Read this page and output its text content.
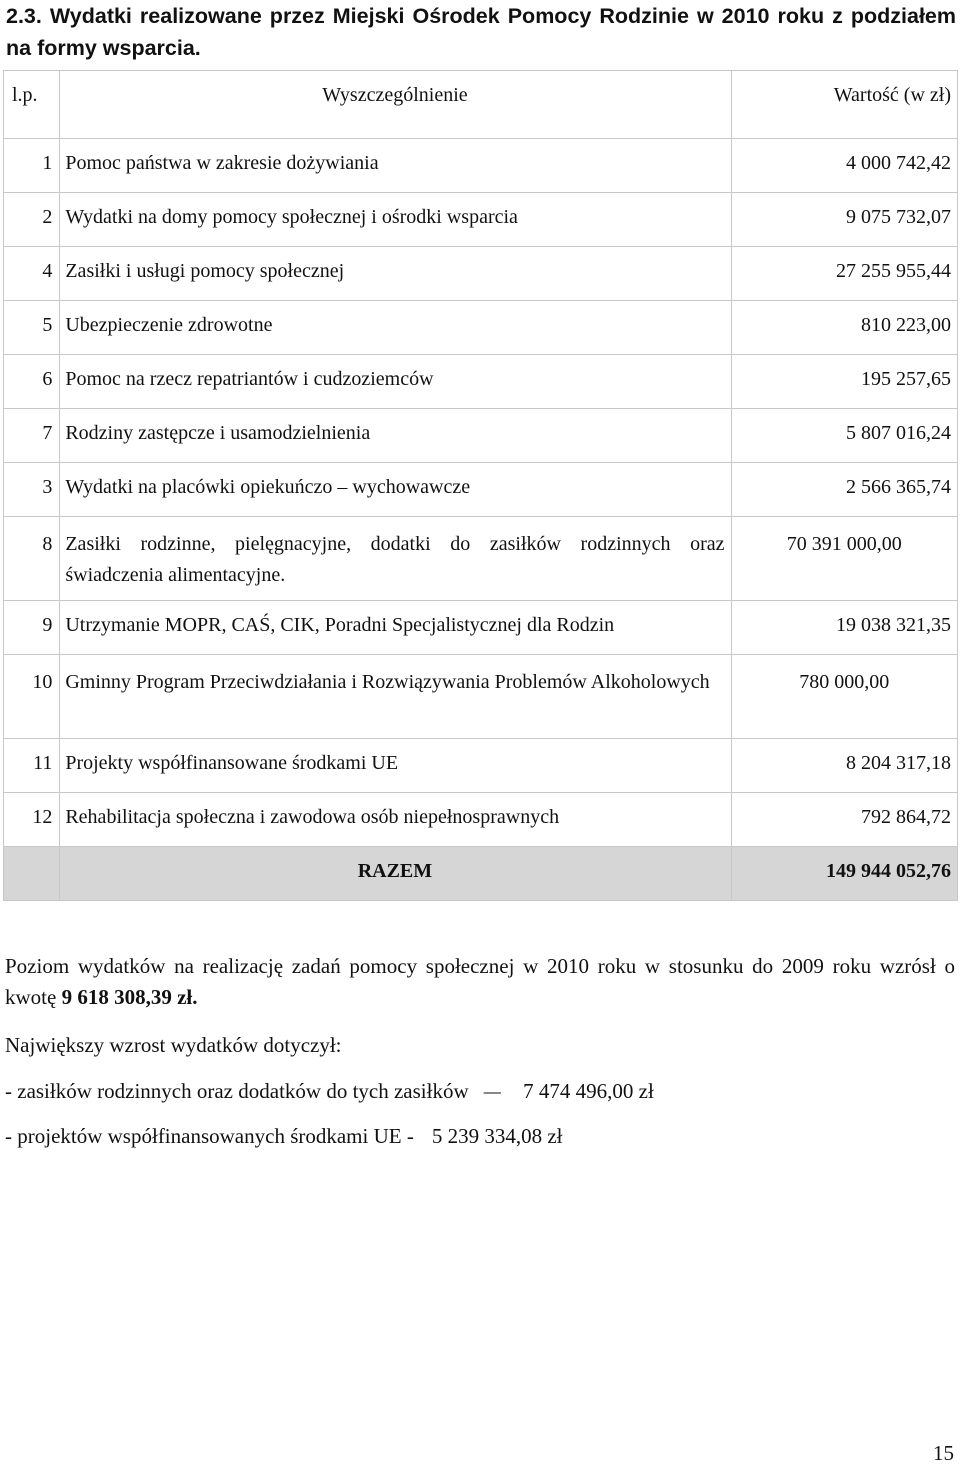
2.3. Wydatki realizowane przez Miejski Ośrodek Pomocy Rodzinie w 2010 roku z podziałem na formy wsparcia.
l.p.	Wyszczególnienie	Wartość (w zł)
1	Pomoc państwa w zakresie dożywiania	4 000 742,42
2	Wydatki na domy pomocy społecznej i ośrodki wsparcia	9 075 732,07
4	Zasiłki i usługi pomocy społecznej	27 255 955,44
5	Ubezpieczenie zdrowotne	810 223,00
6	Pomoc na rzecz repatriantów i cudzoziemców	195 257,65
7	Rodziny zastępcze i usamodzielnienia	5 807 016,24
3	Wydatki na placówki opiekuńczo – wychowawcze	2 566 365,74
8	Zasiłki rodzinne, pielęgnacyjne, dodatki do zasiłków rodzinnych oraz świadczenia alimentacyjne.	70 391 000,00
9	Utrzymanie MOPR, CAŚ, CIK, Poradni Specjalistycznej dla Rodzin	19 038 321,35
10	Gminny Program Przeciwdziałania i Rozwiązywania Problemów Alkoholowych	780 000,00
11	Projekty współfinansowane środkami UE	8 204 317,18
12	Rehabilitacja społeczna i zawodowa osób niepełnosprawnych	792 864,72
	RAZEM	149 944 052,76
Poziom wydatków na realizację zadań pomocy społecznej w 2010 roku w stosunku do 2009 roku wzrósł o kwotę 9 618 308,39 zł.
Największy wzrost wydatków dotyczył:
- zasiłków rodzinnych oraz dodatków do tych zasiłków – 7 474 496,00 zł
- projektów współfinansowanych środkami UE - 5 239 334,08 zł
15
